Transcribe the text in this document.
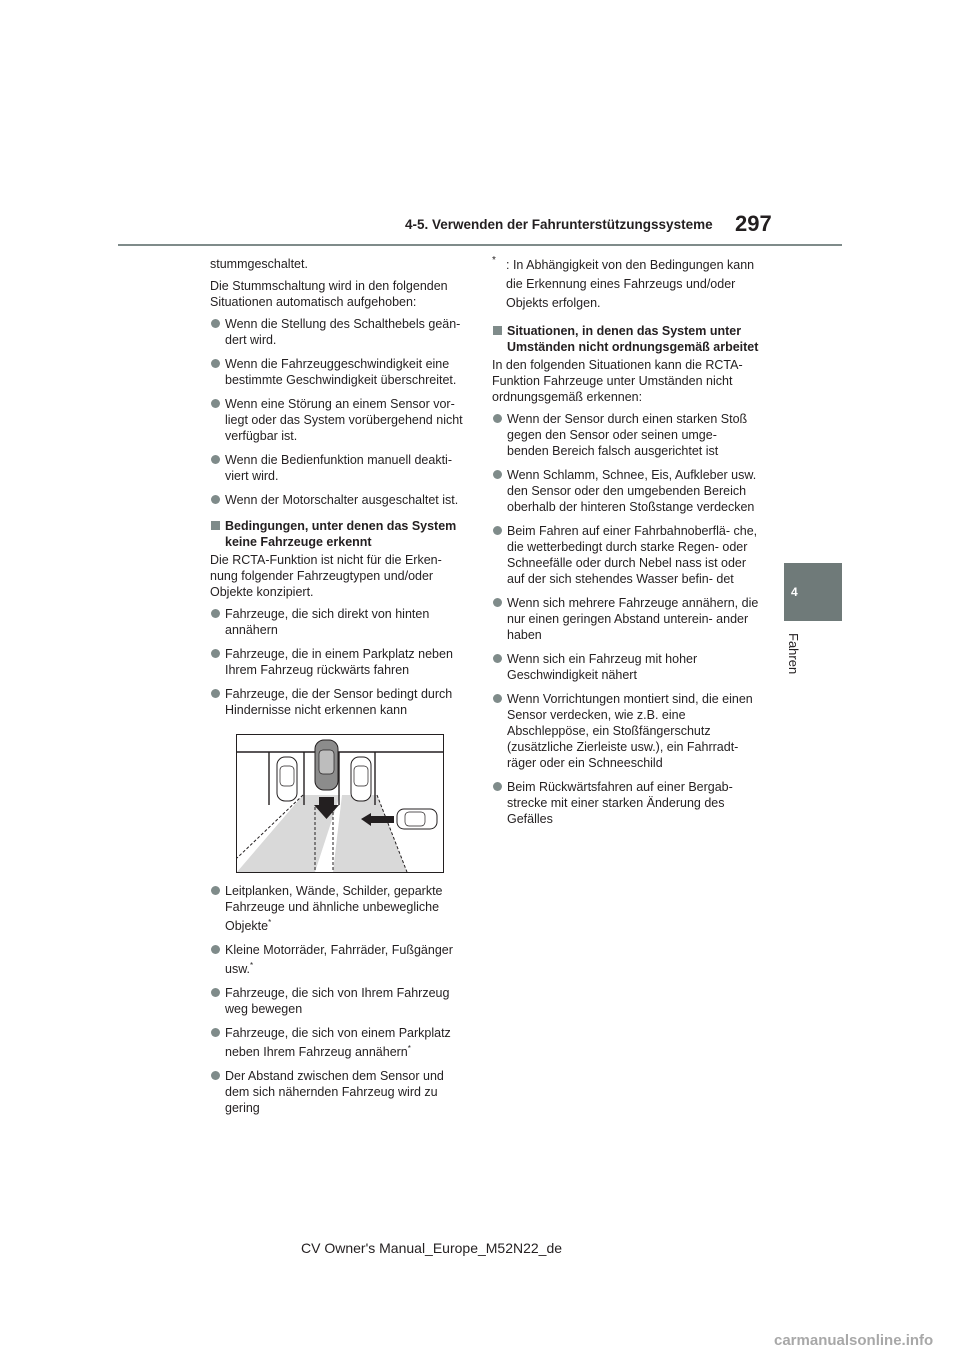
4-5. Verwenden der Fahrunterstützungssysteme 297
4
Fahren

stummgeschaltet.

Die Stummschaltung wird in den folgenden Situationen automatisch aufgehoben:

Wenn die Stellung des Schalthebels geän- dert wird.
Wenn die Fahrzeuggeschwindigkeit eine bestimmte Geschwindigkeit überschreitet.
Wenn eine Störung an einem Sensor vor- liegt oder das System vorübergehend nicht verfügbar ist.
Wenn die Bedienfunktion manuell deakti- viert wird.
Wenn der Motorschalter ausgeschaltet ist.
Bedingungen, unter denen das System keine Fahrzeuge erkennt

Die RCTA-Funktion ist nicht für die Erken- nung folgender Fahrzeugtypen und/oder Objekte konzipiert.

Fahrzeuge, die sich direkt von hinten annähern
Fahrzeuge, die in einem Parkplatz neben Ihrem Fahrzeug rückwärts fahren
Fahrzeuge, die der Sensor bedingt durch Hindernisse nicht erkennen kann
Leitplanken, Wände, Schilder, geparkte Fahrzeuge und ähnliche unbewegliche Objekte*
Kleine Motorräder, Fahrräder, Fußgänger usw.*
Fahrzeuge, die sich von Ihrem Fahrzeug weg bewegen
Fahrzeuge, die sich von einem Parkplatz neben Ihrem Fahrzeug annähern*
Der Abstand zwischen dem Sensor und dem sich nähernden Fahrzeug wird zu gering
* : In Abhängigkeit von den Bedingungen kann die Erkennung eines Fahrzeugs und/oder Objekts erfolgen.
Situationen, in denen das System unter Umständen nicht ordnungsgemäß arbeitet

In den folgenden Situationen kann die RCTA-Funktion Fahrzeuge unter Umständen nicht ordnungsgemäß erkennen:

Wenn der Sensor durch einen starken Stoß gegen den Sensor oder seinen umge- benden Bereich falsch ausgerichtet ist
Wenn Schlamm, Schnee, Eis, Aufkleber usw. den Sensor oder den umgebenden Bereich oberhalb der hinteren Stoßstange verdecken
Beim Fahren auf einer Fahrbahnoberflä- che, die wetterbedingt durch starke Regen- oder Schneefälle oder durch Nebel nass ist oder auf der sich stehendes Wasser befin- det
Wenn sich mehrere Fahrzeuge annähern, die nur einen geringen Abstand unterein- ander haben
Wenn sich ein Fahrzeug mit hoher Geschwindigkeit nähert
Wenn Vorrichtungen montiert sind, die einen Sensor verdecken, wie z.B. eine Abschleppöse, ein Stoßfängerschutz (zusätzliche Zierleiste usw.), ein Fahrradt- räger oder ein Schneeschild
Beim Rückwärtsfahren auf einer Bergab- strecke mit einer starken Änderung des Gefälles
CV Owner's Manual_Europe_M52N22_de
carmanualsonline.info
